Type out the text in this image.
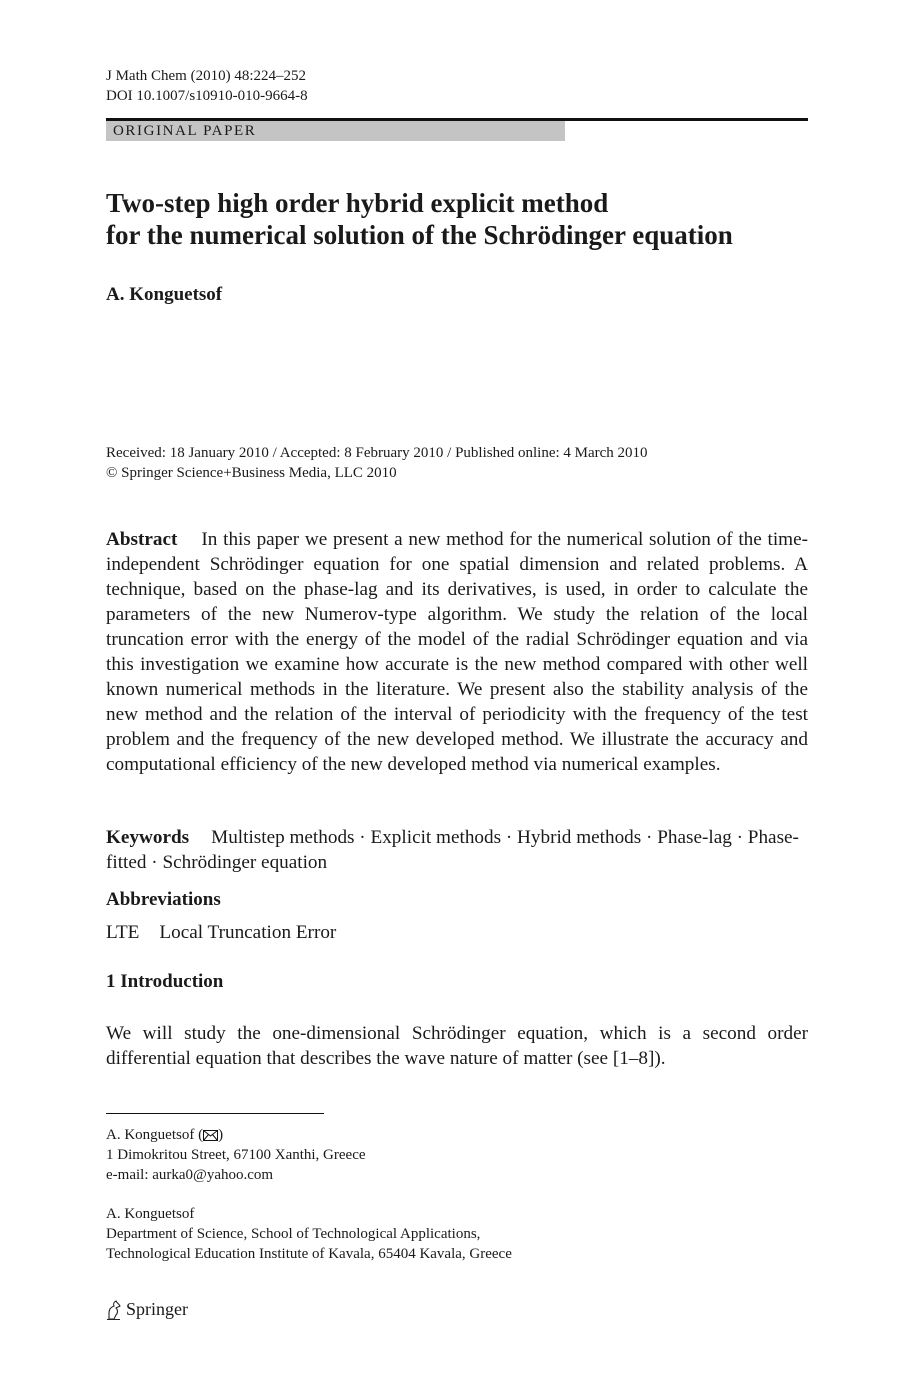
J Math Chem (2010) 48:224–252
DOI 10.1007/s10910-010-9664-8
ORIGINAL PAPER
Two-step high order hybrid explicit method
for the numerical solution of the Schrödinger equation
A. Konguetsof
Received: 18 January 2010 / Accepted: 8 February 2010 / Published online: 4 March 2010
© Springer Science+Business Media, LLC 2010
Abstract In this paper we present a new method for the numerical solution of the time-independent Schrödinger equation for one spatial dimension and related problems. A technique, based on the phase-lag and its derivatives, is used, in order to calculate the parameters of the new Numerov-type algorithm. We study the relation of the local truncation error with the energy of the model of the radial Schrödinger equation and via this investigation we examine how accurate is the new method compared with other well known numerical methods in the literature. We present also the stability analysis of the new method and the relation of the interval of periodicity with the frequency of the test problem and the frequency of the new developed method. We illustrate the accuracy and computational efficiency of the new developed method via numerical examples.
Keywords Multistep methods · Explicit methods · Hybrid methods · Phase-lag · Phase-fitted · Schrödinger equation
Abbreviations
LTE Local Truncation Error
1 Introduction
We will study the one-dimensional Schrödinger equation, which is a second order differential equation that describes the wave nature of matter (see [1–8]).
A. Konguetsof ( )
1 Dimokritou Street, 67100 Xanthi, Greece
e-mail: aurka0@yahoo.com
A. Konguetsof
Department of Science, School of Technological Applications,
Technological Education Institute of Kavala, 65404 Kavala, Greece
Springer
